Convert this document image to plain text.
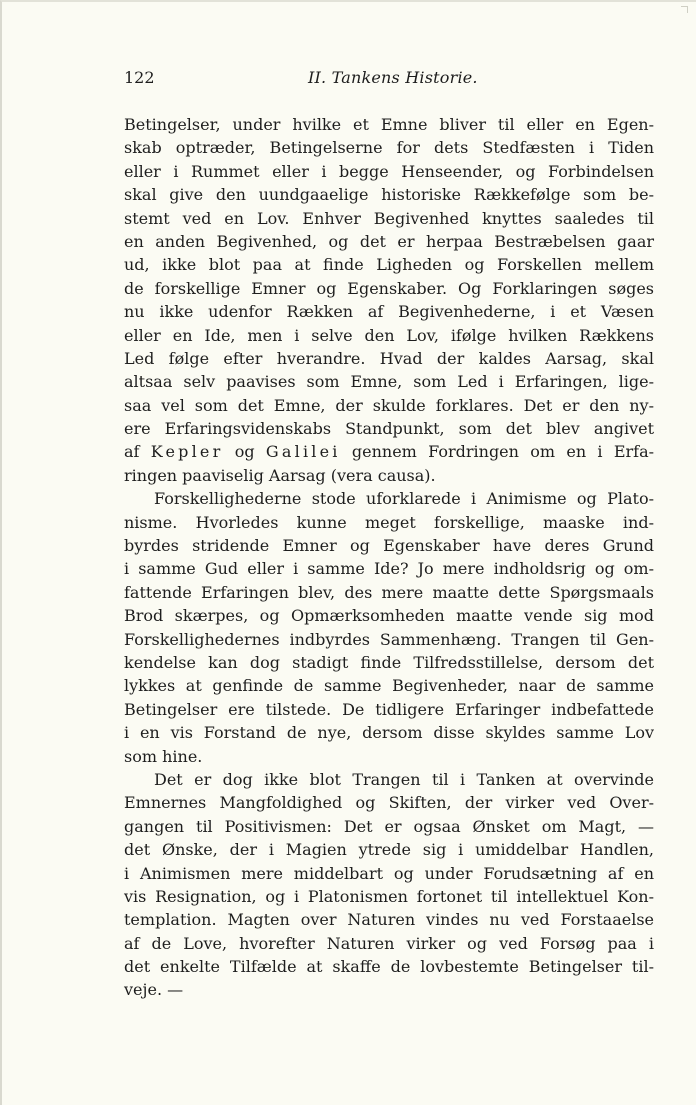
122	II. Tankens Historie.
Betingelser, under hvilke et Emne bliver til eller en Egen-
skab optræder, Betingelserne for dets Stedfæsten i Tiden
eller i Rummet eller i begge Henseender, og Forbindelsen
skal give den uundgaaelige historiske Rækkefølge som be-
stemt ved en Lov. Enhver Begivenhed knyttes saaledes til
en anden Begivenhed, og det er herpaa Bestræbelsen gaar
ud, ikke blot paa at finde Ligheden og Forskellen mellem
de forskellige Emner og Egenskaber. Og Forklaringen søges
nu ikke udenfor Rækken af Begivenhederne, i et Væsen
eller en Ide, men i selve den Lov, ifølge hvilken Rækkens
Led følge efter hverandre. Hvad der kaldes Aarsag, skal
altsaa selv paavises som Emne, som Led i Erfaringen, lige-
saa vel som det Emne, der skulde forklares. Det er den ny-
ere Erfaringsvidenskabs Standpunkt, som det blev angivet
af Kepler og Galilei gennem Fordringen om en i Erfa-
ringen paaviselig Aarsag (vera causa).
Forskellighederne stode uforklarede i Animisme og Plato-
nisme. Hvorledes kunne meget forskellige, maaske ind-
byrdes stridende Emner og Egenskaber have deres Grund
i samme Gud eller i samme Ide? Jo mere indholdsrig og om-
fattende Erfaringen blev, des mere maatte dette Spørgsmaals
Brod skærpes, og Opmærksomheden maatte vende sig mod
Forskellighedernes indbyrdes Sammenhæng. Trangen til Gen-
kendelse kan dog stadigt finde Tilfredsstillelse, dersom det
lykkes at genfinde de samme Begivenheder, naar de samme
Betingelser ere tilstede. De tidligere Erfaringer indbefattede
i en vis Forstand de nye, dersom disse skyldes samme Lov
som hine.
Det er dog ikke blot Trangen til i Tanken at overvinde
Emnernes Mangfoldighed og Skiften, der virker ved Over-
gangen til Positivismen: Det er ogsaa Ønsket om Magt, —
det Ønske, der i Magien ytrede sig i umiddelbar Handlen,
i Animismen mere middelbart og under Forudsætning af en
vis Resignation, og i Platonismen fortonet til intellektuel Kon-
templation. Magten over Naturen vindes nu ved Forstaaelse
af de Love, hvorefter Naturen virker og ved Forsøg paa i
det enkelte Tilfælde at skaffe de lovbestemte Betingelser til-
veje. —
